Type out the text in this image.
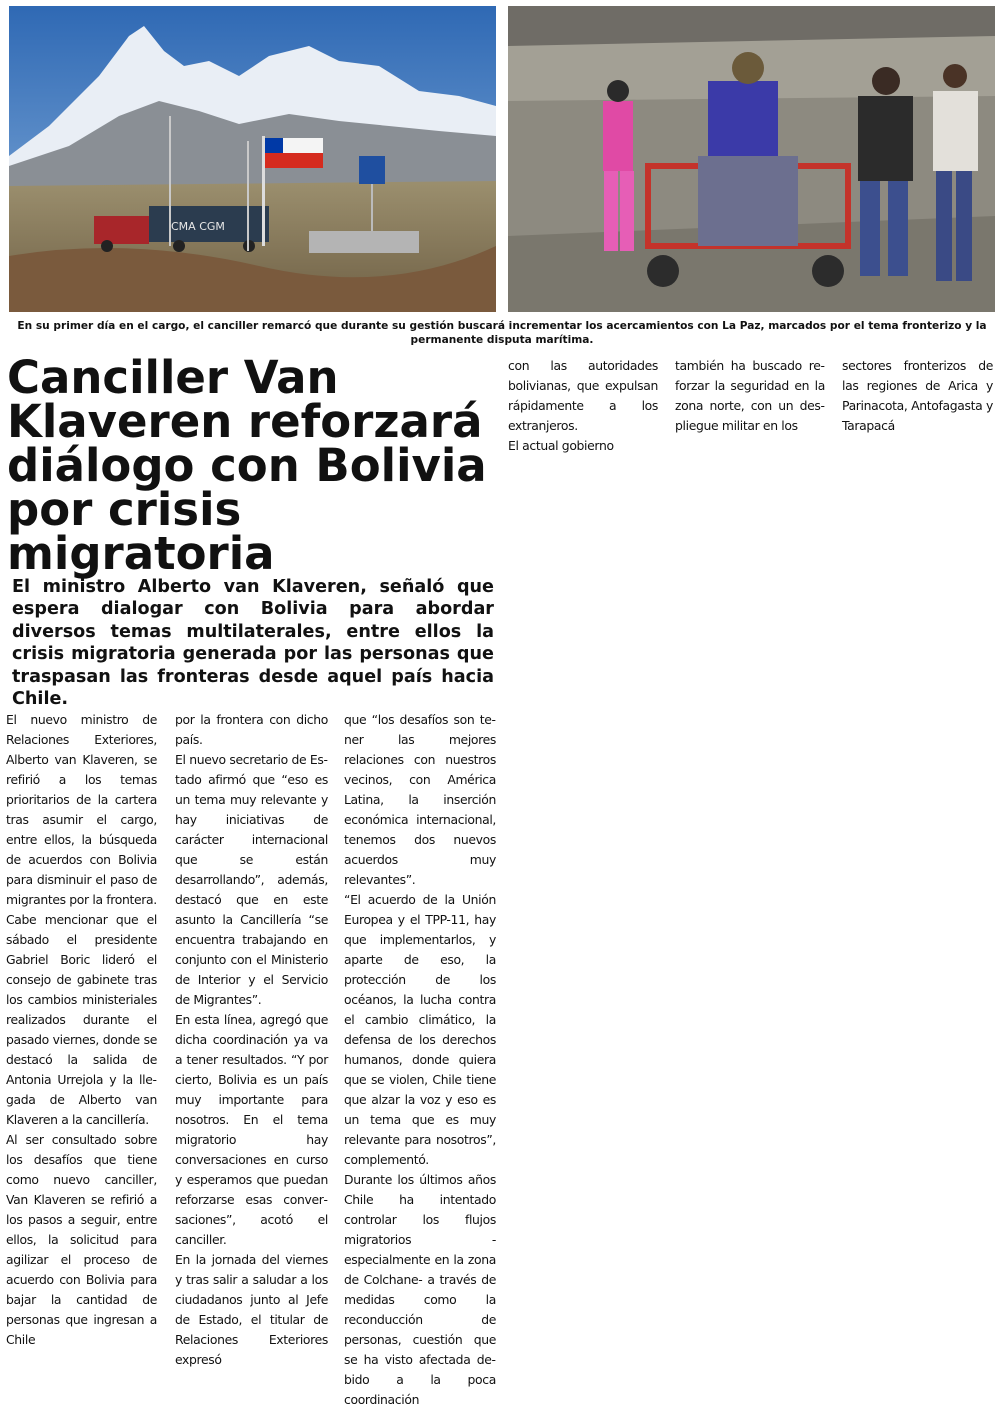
CMA CGM
En su primer día en el cargo, el canciller remarcó que durante su gestión buscará incrementar los acercamientos con La Paz, marcados por el tema fronterizo y la permanente disputa marítima.
Canciller Van Klaveren reforzará diálogo con Bolivia por crisis migratoria
El ministro Alberto van Klaveren, señaló que espera dialogar con Bolivia para abordar diversos temas multilaterales, entre ellos la crisis migratoria generada por las personas que traspasan las fronteras desde aquel país hacia Chile.

El nuevo ministro de Relaciones Exteriores, Alberto van Klaveren, se refirió a los temas prioritarios de la cartera tras asumir el cargo, entre ellos, la búsqueda de acuerdos con Bolivia para disminuir el paso de migrantes por la frontera.

Cabe mencionar que el sábado el presidente Gabriel Boric lideró el consejo de gabinete tras los cambios ministeriales realizados durante el pasado viernes, donde se destacó la salida de Antonia Urrejola y la llegada de Alberto van Klaveren a la cancillería.

Al ser consultado sobre los desafíos que tiene como nuevo canciller, Van Klaveren se refirió a los pasos a seguir, entre ellos, la solicitud para agilizar el proceso de acuerdo con Bolivia para bajar la cantidad de personas que ingresan a Chile

por la frontera con dicho país.

El nuevo secretario de Estado afirmó que “eso es un tema muy relevante y hay iniciativas de carácter internacional que se están desarrollando”, además, destacó que en este asunto la Cancillería “se encuentra trabajando en conjunto con el Ministerio de Interior y el Servicio de Migrantes”.

En esta línea, agregó que dicha coordinación ya va a tener resultados. “Y por cierto, Bolivia es un país muy importante para nosotros. En el tema migratorio hay conversaciones en curso y esperamos que puedan reforzarse esas conversaciones”, acotó el canciller.

En la jornada del viernes y tras salir a saludar a los ciudadanos junto al Jefe de Estado, el titular de Relaciones Exteriores expresó

que “los desafíos son tener las mejores relaciones con nuestros vecinos, con América Latina, la inserción económica internacional, tenemos dos nuevos acuerdos muy relevantes”.

“El acuerdo de la Unión Europea y el TPP-11, hay que implementarlos, y aparte de eso, la protección de los océanos, la lucha contra el cambio climático, la defensa de los derechos humanos, donde quiera que se violen, Chile tiene que alzar la voz y eso es un tema que es muy relevante para nosotros”, complementó.

Durante los últimos años Chile ha intentado controlar los flujos migratorios -especialmente en la zona de Colchane- a través de medidas como la reconducción de personas, cuestión que se ha visto afectada debido a la poca coordinación

con las autoridades bolivianas, que expulsan rápidamente a los extranjeros.

El actual gobierno

también ha buscado reforzar la seguridad en la zona norte, con un despliegue militar en los

sectores fronterizos de las regiones de Arica y Parinacota, Antofagasta y Tarapacá
